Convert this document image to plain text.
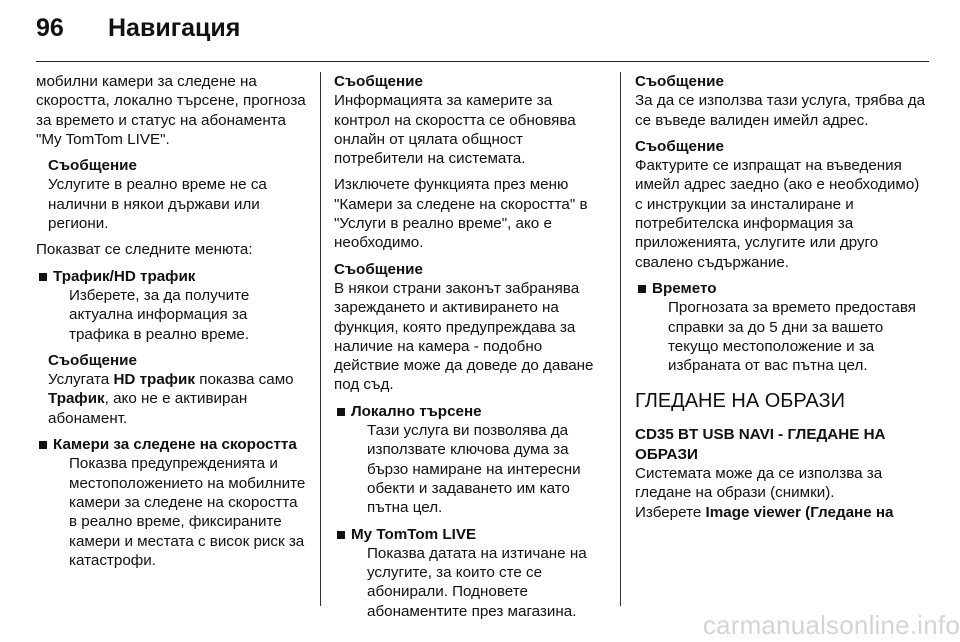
96 Навигация

мобилни камери за следене на скоростта, локално търсене, прогноза за времето и статус на абонамента "My TomTom LIVE".

Съобщение
Услугите в реално време не са налични в някои държави или региони.

Показват се следните менюта:

Трафик/HD трафик
Изберете, за да получите актуална информация за трафика в реално време.
Съобщение
Услугата HD трафик показва само Трафик, ако не е активиран абонамент.
Камери за следене на скоростта
Показва предупрежденията и местоположението на мобилните камери за следене на скоростта в реално време, фиксираните камери и местата с висок риск за катастрофи.
Съобщение
Информацията за камерите за контрол на скоростта се обновява онлайн от цялата общност потребители на системата.

Изключете функцията през меню "Камери за следене на скоростта" в "Услуги в реално време", ако е необходимо.

Съобщение
В някои страни законът забранява зареждането и активирането на функция, която предупреждава за наличие на камера - подобно действие може да доведе до даване под съд.
Локално търсене
Тази услуга ви позволява да използвате ключова дума за бързо намиране на интересни обекти и задаването им като пътна цел.
My TomTom LIVE
Показва датата на изтичане на услугите, за които сте се абонирали. Подновете абонаментите през магазина.
Съобщение
За да се използва тази услуга, трябва да се въведе валиден имейл адрес.
Съобщение
Фактурите се изпращат на въведения имейл адрес заедно (ако е необходимо) с инструкции за инсталиране и потребителска информация за приложенията, услугите или друго свалено съдържание.
Времето
Прогнозата за времето предоставя справки за до 5 дни за вашето текущо местоположение и за избраната от вас пътна цел.
ГЛЕДАНЕ НА ОБРАЗИ
CD35 BT USB NAVI - ГЛЕДАНЕ НА ОБРАЗИ
Системата може да се използва за гледане на образи (снимки).
Изберете Image viewer (Гледане на
carmanualsonline.info
